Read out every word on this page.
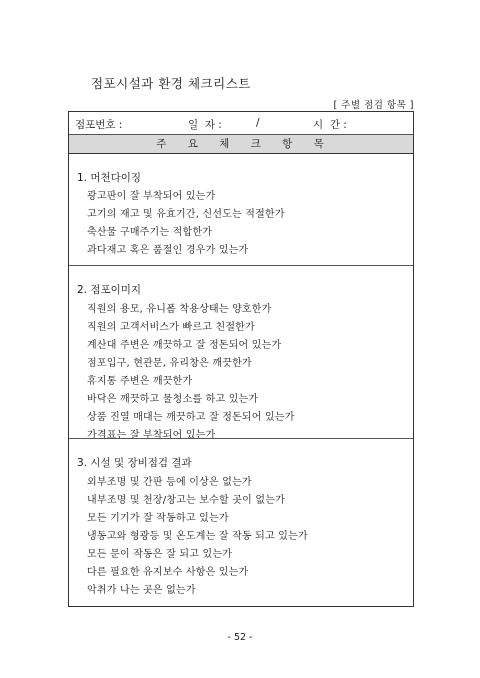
점포시설과 환경 체크리스트
[ 주별 점검 항목 ]
점포번호 :	일  자 :	/	시  간 :
주 요 체 크 항 목
1. 머천다이징
광고판이 잘 부착되어 있는가
고기의 재고 및 유효기간, 신선도는 적절한가
축산물 구매주기는 적합한가
과다재고 혹은 품절인 경우가 있는가
2. 점포이미지
직원의 용모, 유니폼 착용상태는 양호한가
직원의 고객서비스가 빠르고 친절한가
계산대 주변은 깨끗하고 잘 정돈되어 있는가
점포입구, 현관문, 유리창은 깨끗한가
휴지통 주변은 깨끗한가
바닥은 깨끗하고 물청소를 하고 있는가
상품 진열 매대는 깨끗하고 잘 정돈되어 있는가
가격표는 잘 부착되어 있는가
3. 시설 및 장비점검 결과
외부조명 및 간판 등에 이상은 없는가
내부조명 및 천장/창고는 보수할 곳이 없는가
모든 기기가 잘 작동하고 있는가
냉동고와 형광등 및 온도계는 잘 작동 되고 있는가
모든 문이 작동은 잘 되고 있는가
다른 필요한 유지보수 사항은 있는가
악취가 나는 곳은 없는가
- 52 -
